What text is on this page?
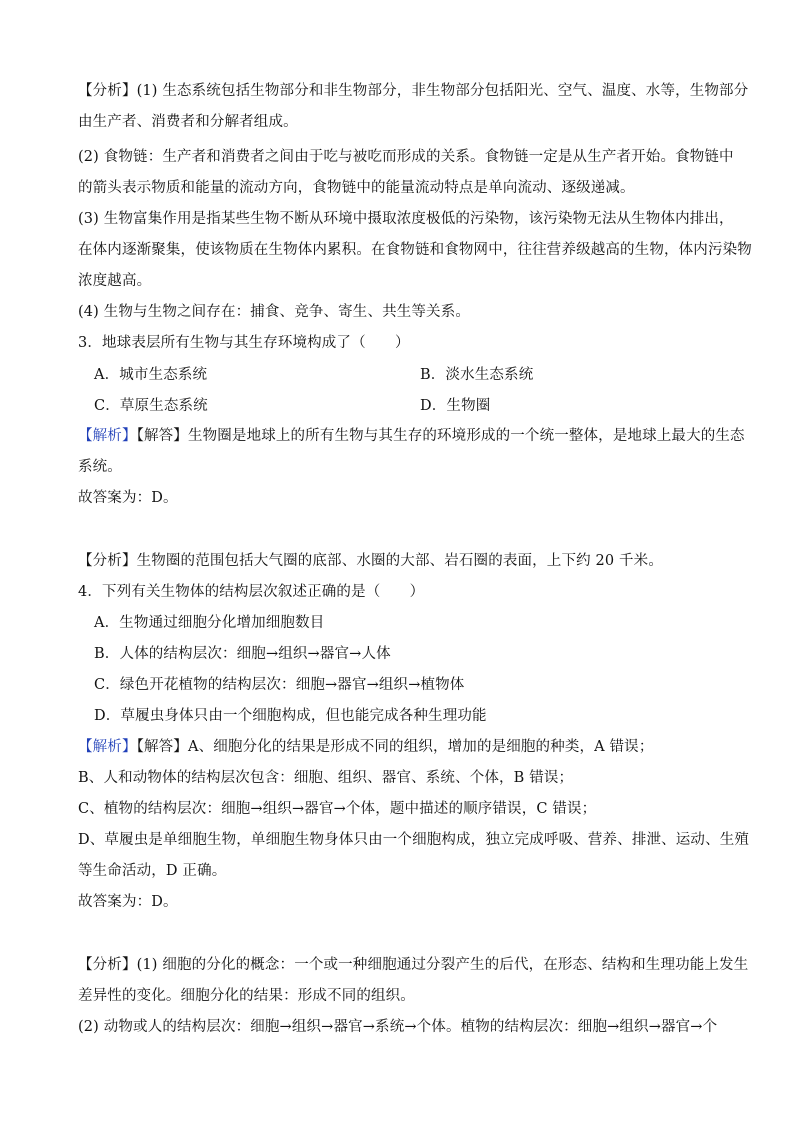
【分析】(1) 生态系统包括生物部分和非生物部分，非生物部分包括阳光、空气、温度、水等，生物部分
由生产者、消费者和分解者组成。
(2) 食物链：生产者和消费者之间由于吃与被吃而形成的关系。食物链一定是从生产者开始。食物链中
的箭头表示物质和能量的流动方向，食物链中的能量流动特点是单向流动、逐级递减。
(3) 生物富集作用是指某些生物不断从环境中摄取浓度极低的污染物，该污染物无法从生物体内排出，
在体内逐渐聚集，使该物质在生物体内累积。在食物链和食物网中，往往营养级越高的生物，体内污染物
浓度越高。
(4) 生物与生物之间存在：捕食、竞争、寄生、共生等关系。
3．地球表层所有生物与其生存环境构成了（　　）
A．城市生态系统	B．淡水生态系统
C．草原生态系统	D．生物圈
【解析】【解答】生物圈是地球上的所有生物与其生存的环境形成的一个统一整体，是地球上最大的生态
系统。
故答案为：D。
【分析】生物圈的范围包括大气圈的底部、水圈的大部、岩石圈的表面，上下约 20 千米。
4．下列有关生物体的结构层次叙述正确的是（　　）
A．生物通过细胞分化增加细胞数目
B．人体的结构层次：细胞→组织→器官→人体
C．绿色开花植物的结构层次：细胞→器官→组织→植物体
D．草履虫身体只由一个细胞构成，但也能完成各种生理功能
【解析】【解答】A、细胞分化的结果是形成不同的组织，增加的是细胞的种类，A 错误；
B、人和动物体的结构层次包含：细胞、组织、器官、系统、个体，B 错误；
C、植物的结构层次：细胞→组织→器官→个体，题中描述的顺序错误，C 错误；
D、草履虫是单细胞生物，单细胞生物身体只由一个细胞构成，独立完成呼吸、营养、排泄、运动、生殖
等生命活动，D 正确。
故答案为：D。
【分析】(1) 细胞的分化的概念：一个或一种细胞通过分裂产生的后代，在形态、结构和生理功能上发生
差异性的变化。细胞分化的结果：形成不同的组织。
(2) 动物或人的结构层次：细胞→组织→器官→系统→个体。植物的结构层次：细胞→组织→器官→个
